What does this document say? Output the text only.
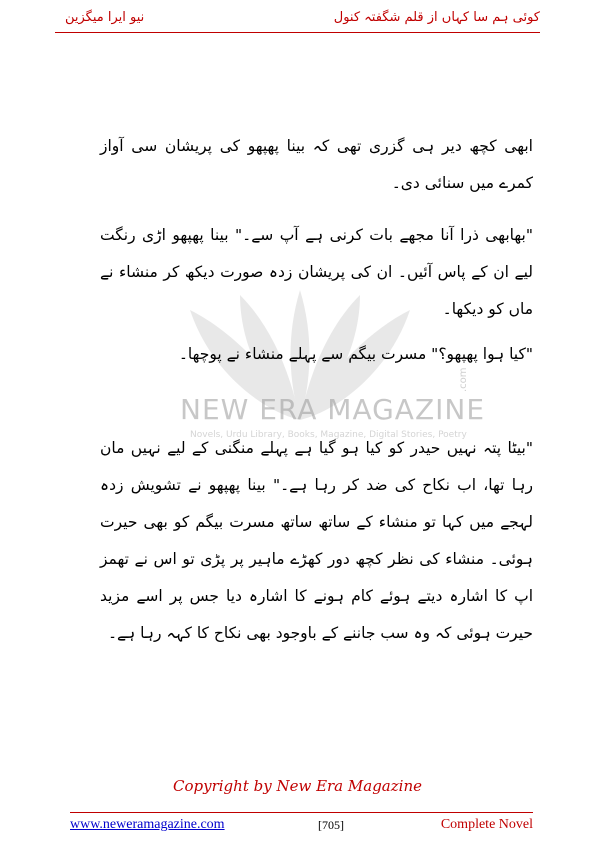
کوئی ہم سا کہاں از قلم شگفتہ کنول
نیو ایرا میگزین
NEW ERA MAGAZINE
Novels, Urdu Library, Books, Magazine, Digital Stories, Poetry
.com
ابھی کچھ دیر ہی گزری تھی کہ بینا پھپھو کی پریشان سی آواز کمرے میں سنائی دی۔
"بھابھی ذرا آنا مجھے بات کرنی ہے آپ سے۔" بینا پھپھو اڑی رنگت لیے ان کے پاس آئیں۔ ان کی پریشان زدہ صورت دیکھ کر منشاء نے ماں کو دیکھا۔
"کیا ہوا پھپھو؟" مسرت بیگم سے پہلے منشاء نے پوچھا۔
"بیٹا پتہ نہیں حیدر کو کیا ہو گیا ہے پہلے منگنی کے لیے نہیں مان رہا تھا، اب نکاح کی ضد کر رہا ہے۔" بینا پھپھو نے تشویش زدہ لہجے میں کہا تو منشاء کے ساتھ ساتھ مسرت بیگم کو بھی حیرت ہوئی۔ منشاء کی نظر کچھ دور کھڑے ماہیر پر پڑی تو اس نے تھمز اپ کا اشارہ دیتے ہوئے کام ہونے کا اشارہ دیا جس پر اسے مزید حیرت ہوئی کہ وہ سب جاننے کے باوجود بھی نکاح کا کہہ رہا ہے۔
Copyright by New Era Magazine
www.neweramagazine.com	[705]	Complete Novel
